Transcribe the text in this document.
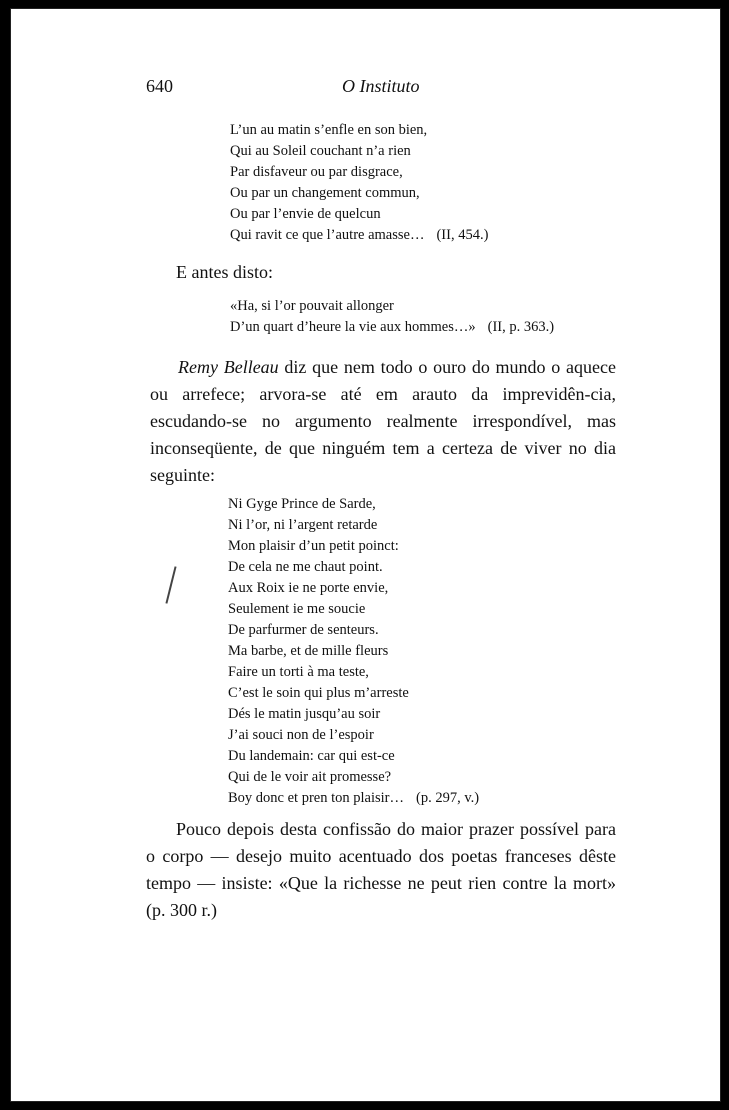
640	O Instituto
L’un au matin s’enfle en son bien,
Qui au Soleil couchant n’a rien
Par disfaveur ou par disgrace,
Ou par un changement commun,
Ou par l’envie de quelcun
Qui ravit ce que l’autre amasse… (II, 454.)
E antes disto:
«Ha, si l’or pouvait allonger
D’un quart d’heure la vie aux hommes…» (II, p. 363.)
Remy Belleau diz que nem todo o ouro do mundo o aquece ou arrefece; arvora-se até em arauto da imprevidên-cia, escudando-se no argumento realmente irrespondível, mas inconseqüente, de que ninguém tem a certeza de viver no dia seguinte:
Ni Gyge Prince de Sarde,
Ni l’or, ni l’argent retarde
Mon plaisir d’un petit poinct:
De cela ne me chaut point.
Aux Roix ie ne porte envie,
Seulement ie me soucie
De parfurmer de senteurs.
Ma barbe, et de mille fleurs
Faire un torti à ma teste,
C’est le soin qui plus m’arreste
Dés le matin jusqu’au soir
J’ai souci non de l’espoir
Du landemain: car qui est-ce
Qui de le voir ait promesse?
Boy donc et pren ton plaisir… (p. 297, v.)
Pouco depois desta confissão do maior prazer possível para o corpo — desejo muito acentuado dos poetas franceses dêste tempo — insiste: «Que la richesse ne peut rien contre la mort» (p. 300 r.)
